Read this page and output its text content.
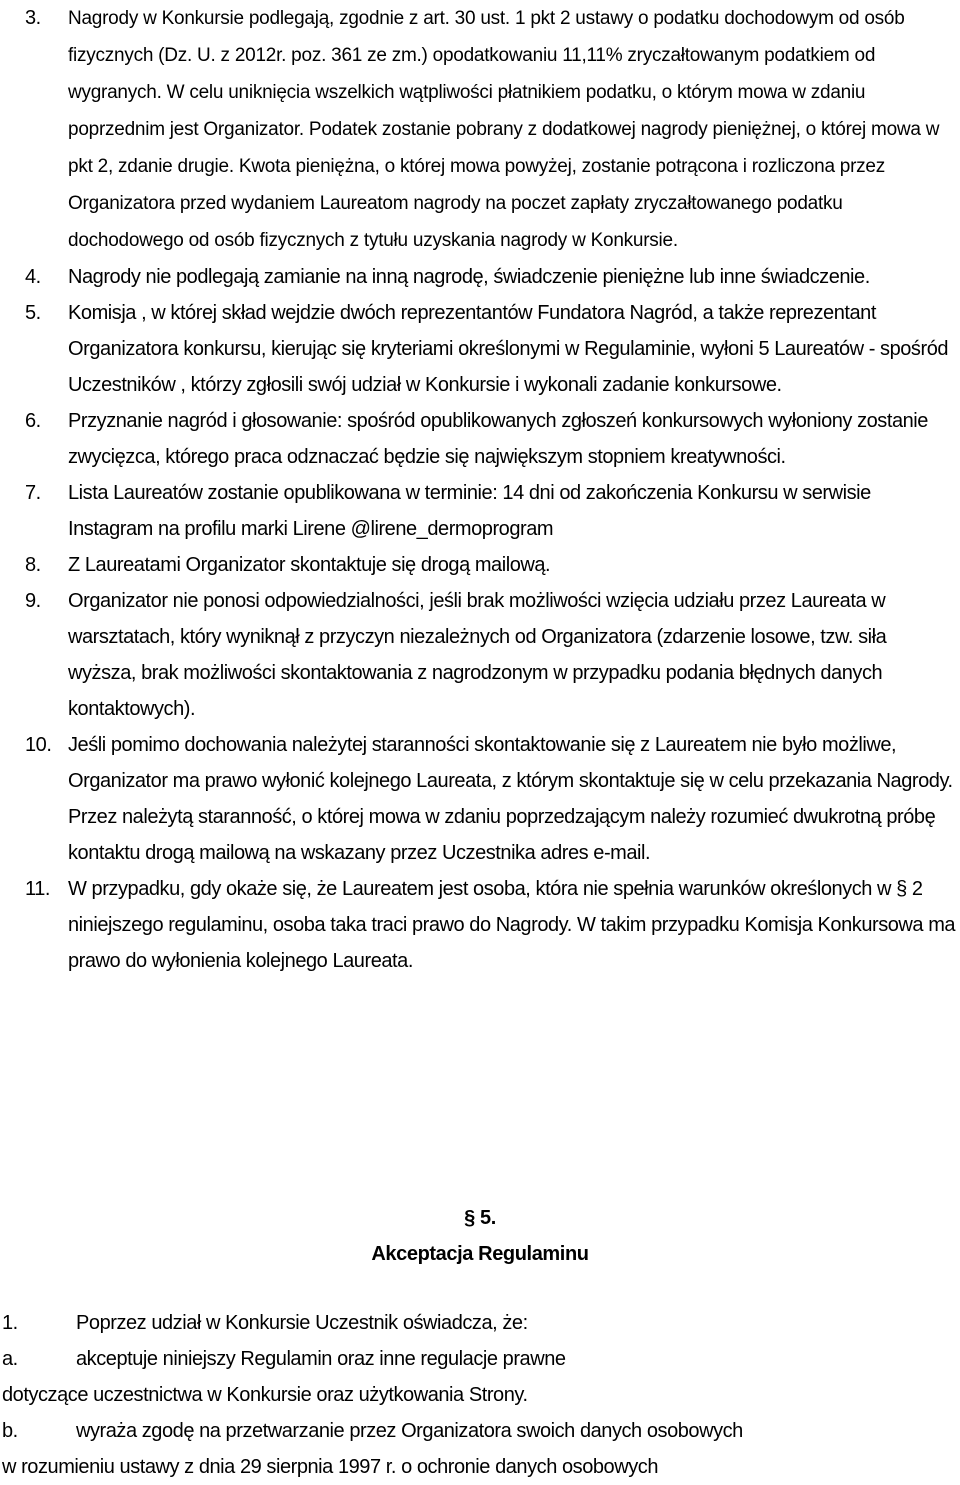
3. Nagrody w Konkursie podlegają, zgodnie z art. 30 ust. 1 pkt 2 ustawy o podatku dochodowym od osób fizycznych (Dz. U. z 2012r. poz. 361 ze zm.) opodatkowaniu 11,11% zryczałtowanym podatkiem od wygranych. W celu uniknięcia wszelkich wątpliwości płatnikiem podatku, o którym mowa w zdaniu poprzednim jest Organizator. Podatek zostanie pobrany z dodatkowej nagrody pieniężnej, o której mowa w pkt 2, zdanie drugie. Kwota pieniężna, o której mowa powyżej, zostanie potrącona i rozliczona przez Organizatora przed wydaniem Laureatom nagrody na poczet zapłaty zryczałtowanego podatku dochodowego od osób fizycznych z tytułu uzyskania nagrody w Konkursie.
4. Nagrody nie podlegają zamianie na inną nagrodę, świadczenie pieniężne lub inne świadczenie.
5. Komisja , w której skład wejdzie dwóch reprezentantów Fundatora Nagród, a także reprezentant Organizatora konkursu, kierując się kryteriami określonymi w Regulaminie, wyłoni 5 Laureatów - spośród Uczestników , którzy zgłosili swój udział w Konkursie i wykonali zadanie konkursowe.
6. Przyznanie nagród i głosowanie: spośród opublikowanych zgłoszeń konkursowych wyłoniony zostanie zwycięzca, którego praca odznaczać będzie się największym stopniem kreatywności.
7. Lista Laureatów zostanie opublikowana w terminie: 14 dni od zakończenia Konkursu w serwisie Instagram na profilu marki Lirene @lirene_dermoprogram
8. Z Laureatami Organizator skontaktuje się drogą mailową.
9. Organizator nie ponosi odpowiedzialności, jeśli brak możliwości wzięcia udziału przez Laureata w warsztatach, który wyniknął z przyczyn niezależnych od Organizatora (zdarzenie losowe, tzw. siła wyższa, brak możliwości skontaktowania z nagrodzonym w przypadku podania błędnych danych kontaktowych).
10. Jeśli pomimo dochowania należytej staranności skontaktowanie się z Laureatem nie było możliwe, Organizator ma prawo wyłonić kolejnego Laureata, z którym skontaktuje się w celu przekazania Nagrody. Przez należytą staranność, o której mowa w zdaniu poprzedzającym należy rozumieć dwukrotną próbę kontaktu drogą mailową na wskazany przez Uczestnika adres e-mail.
11. W przypadku, gdy okaże się, że Laureatem jest osoba, która nie spełnia warunków określonych w § 2 niniejszego regulaminu, osoba taka traci prawo do Nagrody. W takim przypadku Komisja Konkursowa ma prawo do wyłonienia kolejnego Laureata.
§ 5.
Akceptacja Regulaminu
1.	Poprzez udział w Konkursie Uczestnik oświadcza, że:
a.	akceptuje niniejszy Regulamin oraz inne regulacje prawne
dotyczące uczestnictwa w Konkursie oraz użytkowania Strony.
b.	wyraża zgodę na przetwarzanie przez Organizatora swoich danych osobowych
w rozumieniu ustawy z dnia 29 sierpnia 1997 r. o ochronie danych osobowych
